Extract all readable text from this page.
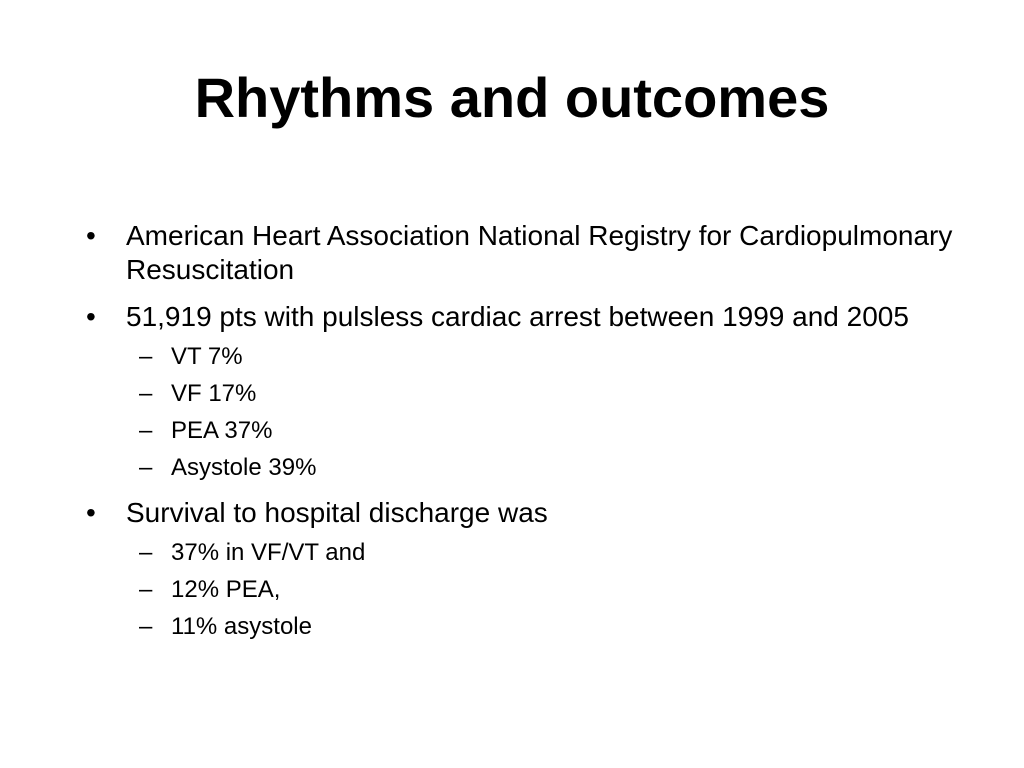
Rhythms and outcomes
•	American Heart Association National Registry for Cardiopulmonary Resuscitation
•	51,919 pts with pulsless cardiac arrest between 1999 and 2005
– VT 7%
– VF 17%
– PEA 37%
– Asystole 39%
•	Survival to hospital discharge was
– 37% in VF/VT and
– 12% PEA,
– 11% asystole
